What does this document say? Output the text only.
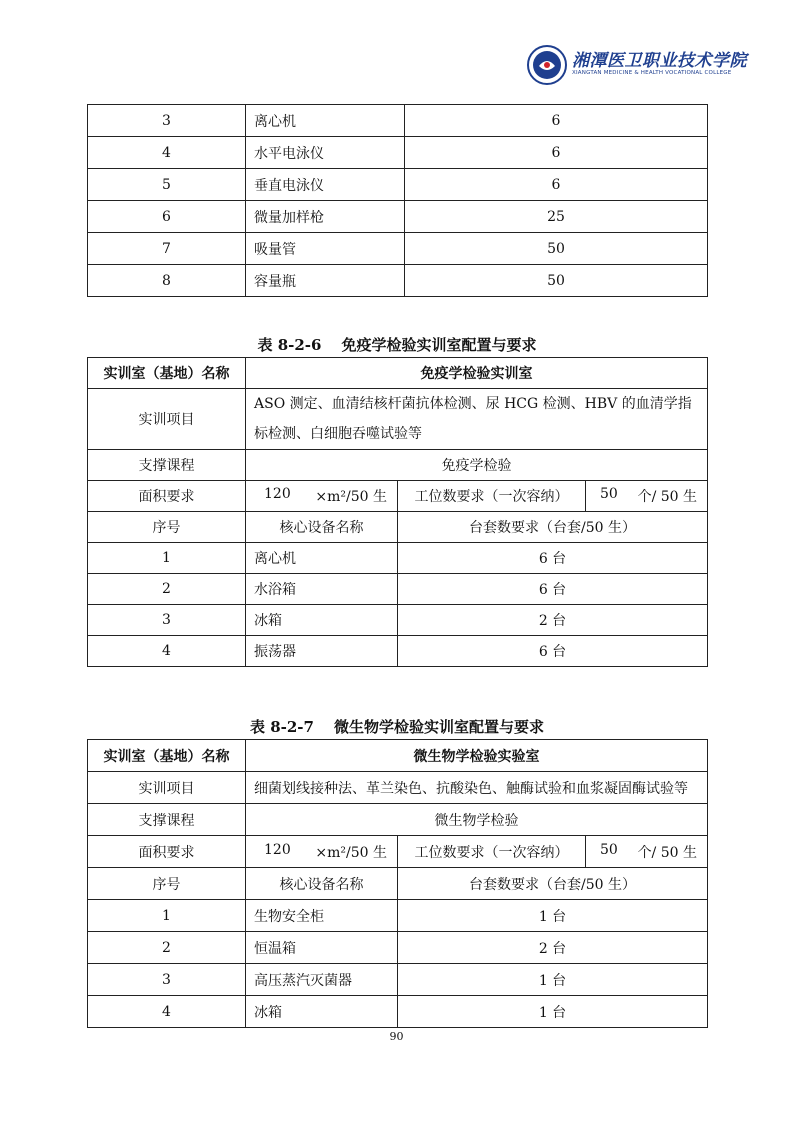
湘潭医卫职业技术学院
XIANGTAN MEDICINE & HEALTH VOCATIONAL COLLEGE
3	离心机	6
4	水平电泳仪	6
5	垂直电泳仪	6
6	微量加样枪	25
7	吸量管	50
8	容量瓶	50
表 8-2-6 免疫学检验实训室配置与要求
实训室（基地）名称	免疫学检验实训室		
实训项目	ASO 测定、血清结核杆菌抗体检测、尿 HCG 检测、HBV 的血清学指标检测、白细胞吞噬试验等		
支撑课程	免疫学检验		
面积要求	120 ×m²/50 生	工位数要求（一次容纳）	50 个/ 50 生

序号	核心设备名称	台套数要求（台套/50 生）	
1	离心机	6 台	
2	水浴箱	6 台	
3	冰箱	2 台	
4	振荡器	6 台	
表 8-2-7 微生物学检验实训室配置与要求
实训室（基地）名称	微生物学检验实验室		
实训项目	细菌划线接种法、革兰染色、抗酸染色、触酶试验和血浆凝固酶试验等		
支撑课程	微生物学检验		
面积要求	120 ×m²/50 生	工位数要求（一次容纳）	50 个/ 50 生

序号	核心设备名称	台套数要求（台套/50 生）	
1	生物安全柜	1 台	
2	恒温箱	2 台	
3	高压蒸汽灭菌器	1 台	
4	冰箱	1 台	
90
